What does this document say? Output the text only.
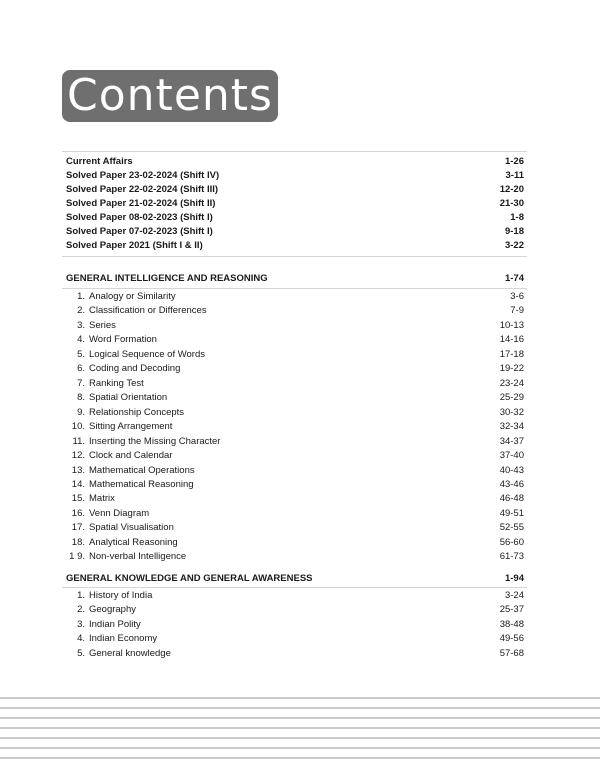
Contents
Current Affairs	1-26
Solved Paper 23-02-2024 (Shift IV)	3-11
Solved Paper 22-02-2024 (Shift III)	12-20
Solved Paper 21-02-2024 (Shift II)	21-30
Solved Paper 08-02-2023 (Shift I)	1-8
Solved Paper 07-02-2023 (Shift I)	9-18
Solved Paper 2021 (Shift I & II)	3-22
GENERAL INTELLIGENCE AND REASONING	1-74
1. Analogy or Similarity	3-6
2. Classification or Differences	7-9
3. Series	10-13
4. Word Formation	14-16
5. Logical Sequence of Words	17-18
6. Coding and Decoding	19-22
7. Ranking Test	23-24
8. Spatial Orientation	25-29
9. Relationship Concepts	30-32
10. Sitting Arrangement	32-34
11. Inserting the Missing Character	34-37
12. Clock and Calendar	37-40
13. Mathematical Operations	40-43
14. Mathematical Reasoning	43-46
15. Matrix	46-48
16. Venn Diagram	49-51
17. Spatial Visualisation	52-55
18. Analytical Reasoning	56-60
1 9. Non-verbal Intelligence	61-73
GENERAL KNOWLEDGE AND GENERAL AWARENESS	1-94
1. History of India	3-24
2. Geography	25-37
3. Indian Polity	38-48
4. Indian Economy	49-56
5. General knowledge	57-68
